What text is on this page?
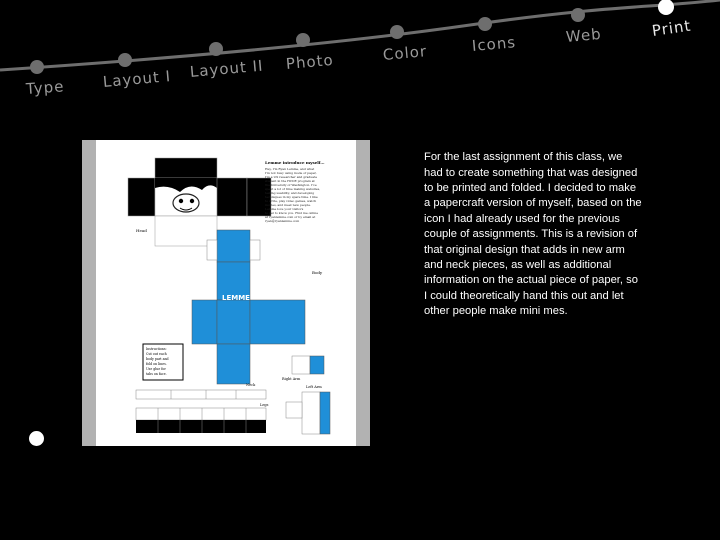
Type Layout I Layout II Photo	Color	Icons	Web	Print
Lemme introduce myself...
Hey, I'm Ryan Lemme, and what I'm not busy using mode of paper, I'm a UX researcher and graduate student in the HCDE program at the University of Washington. I've spent a lot of time making websites, testing usability, and developing techniques in my spare time. I like to write, play video games, watch movies, and meet new people. Lemme love your visitors to get to know you. Find me online at ryanlemme.com or by email at ryan@ryanlemme.com
Head
Body
LEMME
Instructions: Cut out each body part and fold on lines. Use glue for tabs on face.
Left Arm
Right Arm
Neck
Legs

For the last assignment of this class, we had to create something that was designed to be printed and folded. I decided to make a papercraft version of myself, based on the icon I had already used for the previous couple of assignments. This is a revision of that original design that adds in new arm and neck pieces, as well as additional information on the actual piece of paper, so I could theoretically hand this out and let other people make mini mes.
